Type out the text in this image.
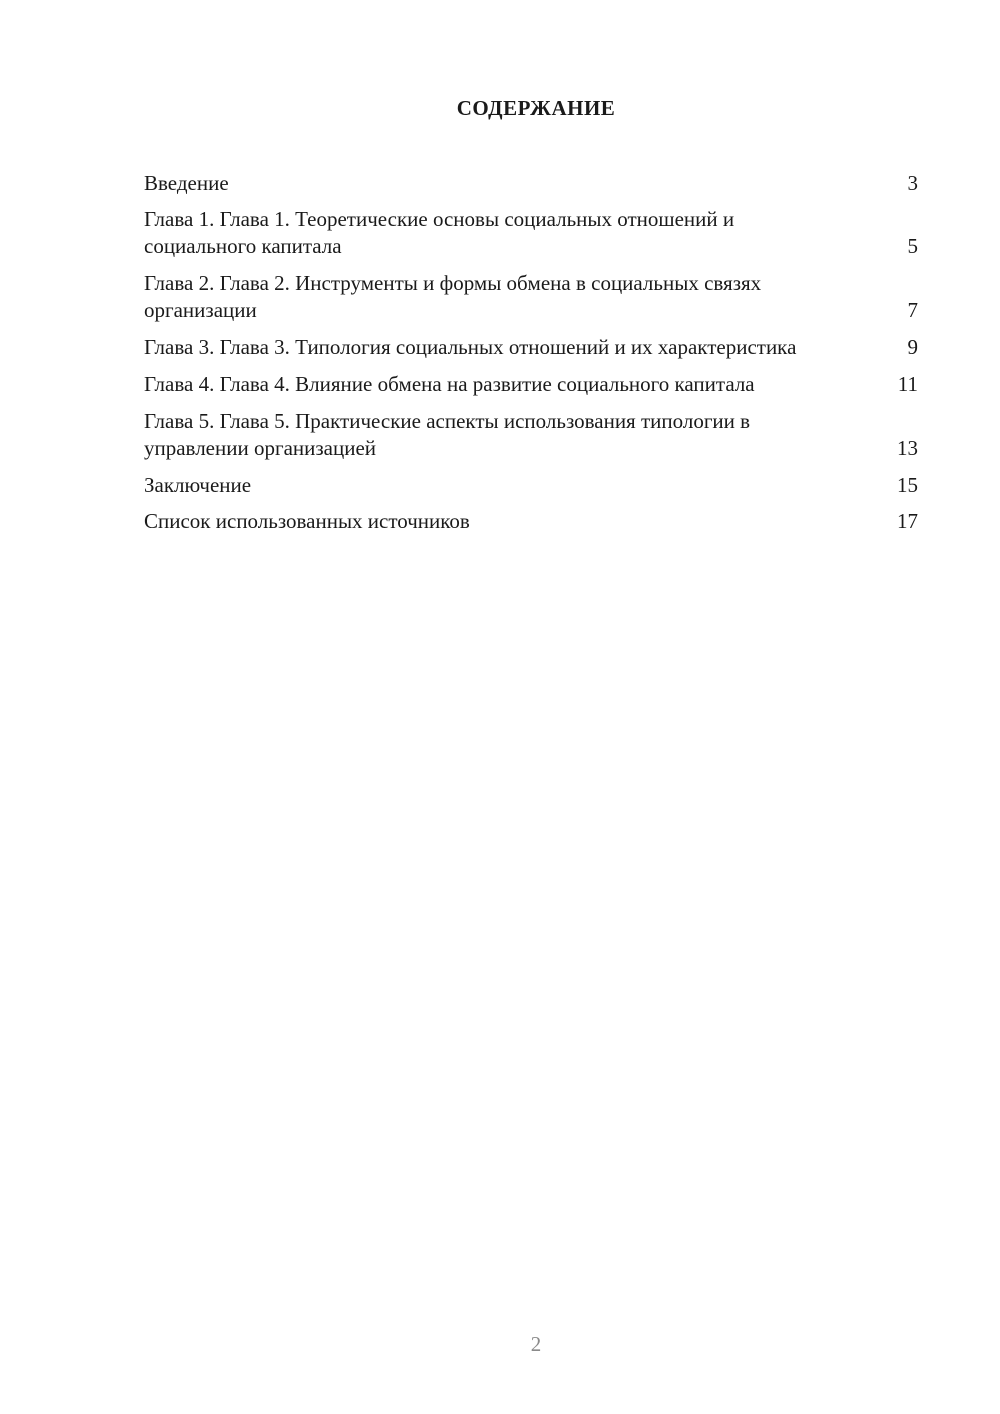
СОДЕРЖАНИЕ
Введение	3
Глава 1. Глава 1. Теоретические основы социальных отношений и социального капитала	5
Глава 2. Глава 2. Инструменты и формы обмена в социальных связях организации	7
Глава 3. Глава 3. Типология социальных отношений и их характеристика	9
Глава 4. Глава 4. Влияние обмена на развитие социального капитала	11
Глава 5. Глава 5. Практические аспекты использования типологии в управлении организацией	13
Заключение	15
Список использованных источников	17
2
